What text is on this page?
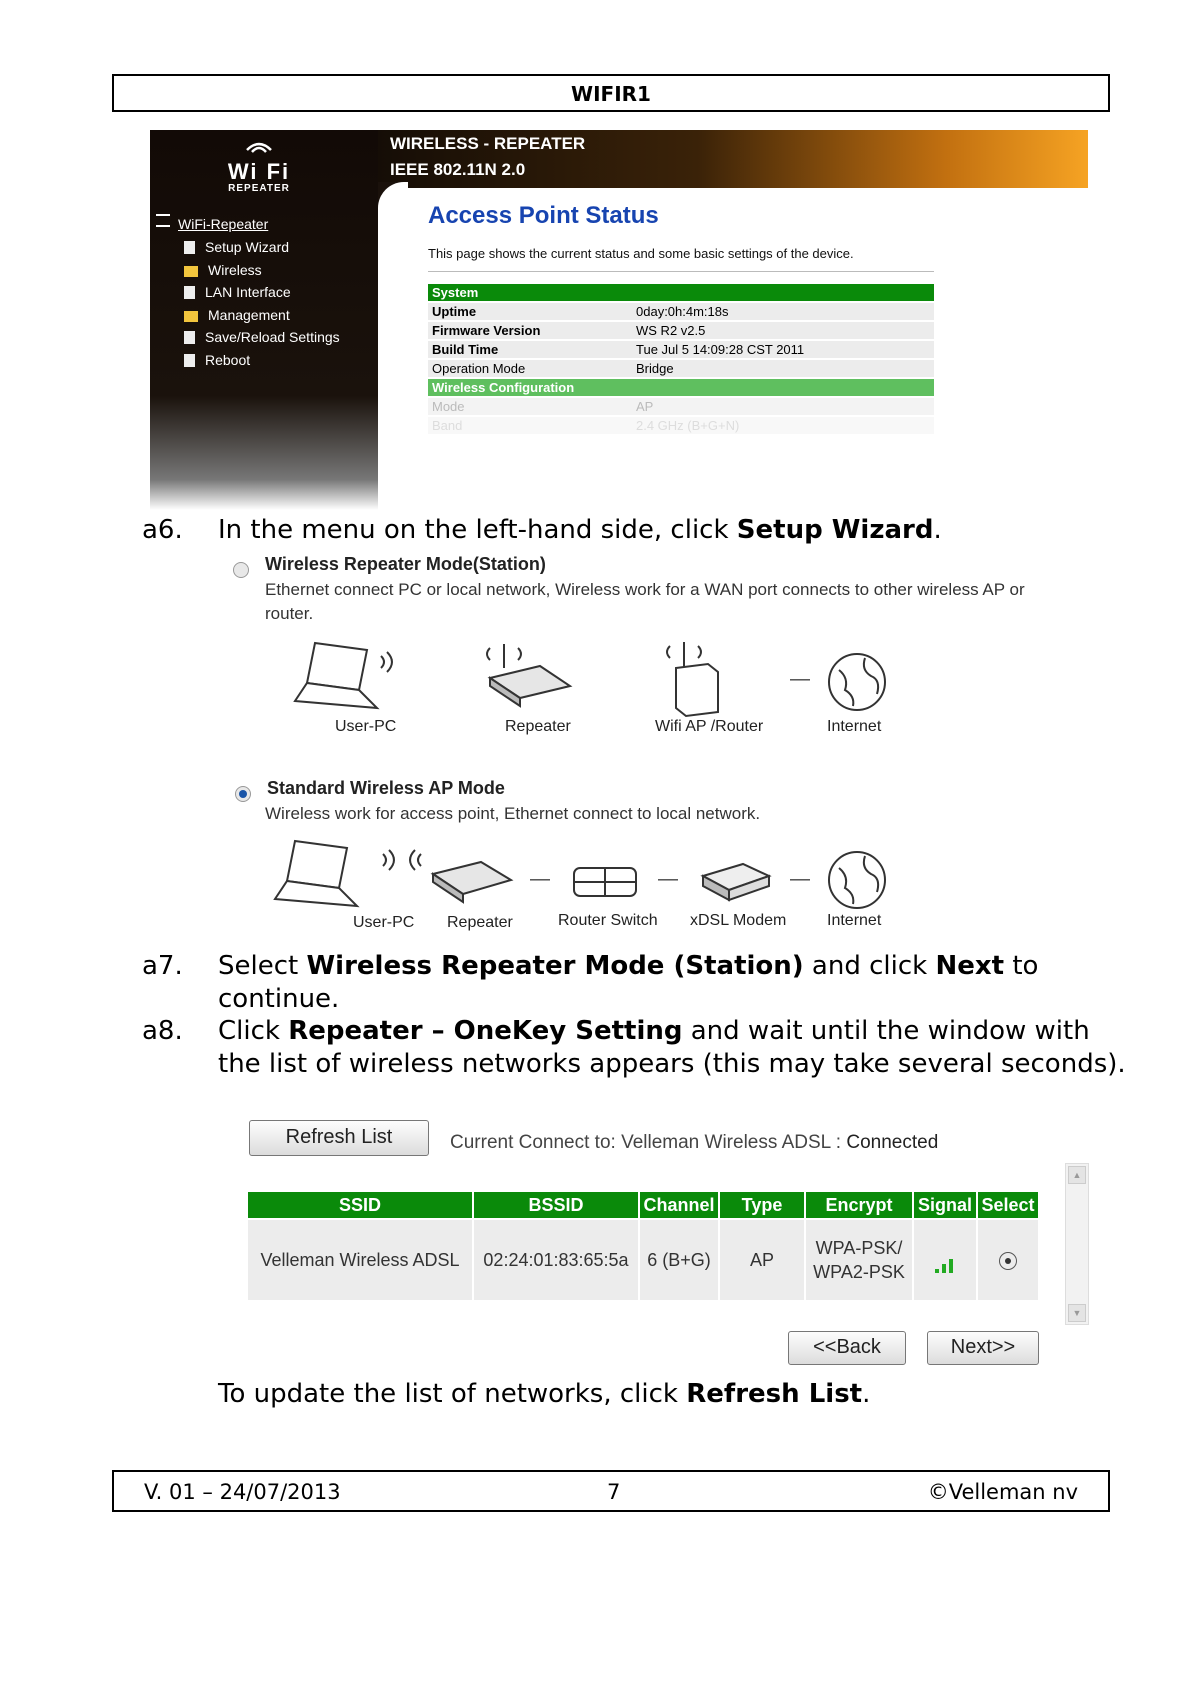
WIFIR1
Wi Fi
REPEATER
WiFi-Repeater
Setup Wizard
Wireless
LAN Interface
Management
Save/Reload Settings
Reboot
WIRELESS - REPEATER
IEEE 802.11N 2.0
Access Point Status
This page shows the current status and some basic settings of the device.
System	
Uptime	0day:0h:4m:18s
Firmware Version	WS R2 v2.5
Build Time	Tue Jul 5 14:09:28 CST 2011
Operation Mode	Bridge
Wireless Configuration	
Mode	AP
Band	2.4 GHz (B+G+N)
a6. In the menu on the left-hand side, click Setup Wizard.
Wireless Repeater Mode(Station)
Ethernet connect PC or local network, Wireless work for a WAN port connects to other wireless AP or router.
—
User-PC	Repeater	Wifi AP /Router	Internet
Standard Wireless AP Mode
Wireless work for access point, Ethernet connect to local network.
—	—	—
User-PC Repeater	Router Switch xDSL Modem	Internet
a7. Select Wireless Repeater Mode (Station) and click Next to continue.
a8. Click Repeater – OneKey Setting and wait until the window with the list of wireless networks appears (this may take several seconds).
Refresh List	Current Connect to: Velleman Wireless ADSL : Connected
▲
▼
SSID	BSSID	Channel	Type	Encrypt	Signal	Select
Velleman Wireless ADSL	02:24:01:83:65:5a	6 (B+G)	AP	WPA-PSK/WPA2-PSK		
<<Back	Next>>
To update the list of networks, click Refresh List.
V. 01 – 24/07/2013	7	©Velleman nv
